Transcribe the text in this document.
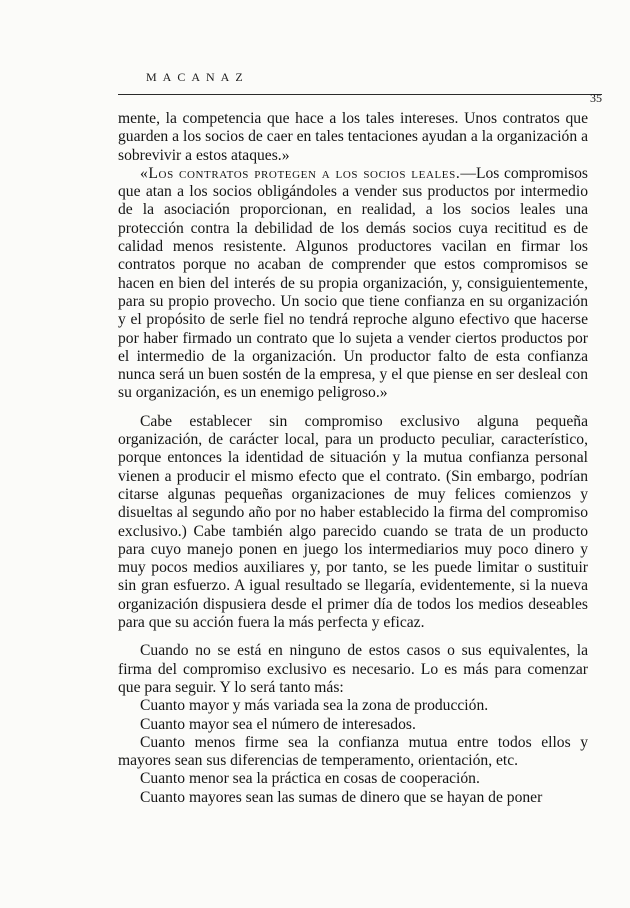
MACANAZ
35

mente, la competencia que hace a los tales intereses. Unos contratos que guarden a los socios de caer en tales tentaciones ayudan a la organización a sobrevivir a estos ataques.»

«Los contratos protegen a los socios leales.—Los compromisos que atan a los socios obligándoles a vender sus productos por intermedio de la asociación proporcionan, en realidad, a los socios leales una protección contra la debilidad de los demás socios cuya recititud es de calidad menos resistente. Algunos productores vacilan en firmar los contratos porque no acaban de comprender que estos compromisos se hacen en bien del interés de su propia organización, y, consiguientemente, para su propio provecho. Un socio que tiene confianza en su organización y el propósito de serle fiel no tendrá reproche alguno efectivo que hacerse por haber firmado un contrato que lo sujeta a vender ciertos productos por el intermedio de la organización. Un productor falto de esta confianza nunca será un buen sostén de la empresa, y el que piense en ser desleal con su organización, es un enemigo peligroso.»

Cabe establecer sin compromiso exclusivo alguna pequeña organización, de carácter local, para un producto peculiar, característico, porque entonces la identidad de situación y la mutua confianza personal vienen a producir el mismo efecto que el contrato. (Sin embargo, podrían citarse algunas pequeñas organizaciones de muy felices comienzos y disueltas al segundo año por no haber establecido la firma del compromiso exclusivo.) Cabe también algo parecido cuando se trata de un producto para cuyo manejo ponen en juego los intermediarios muy poco dinero y muy pocos medios auxiliares y, por tanto, se les puede limitar o sustituir sin gran esfuerzo. A igual resultado se llegaría, evidentemente, si la nueva organización dispusiera desde el primer día de todos los medios deseables para que su acción fuera la más perfecta y eficaz.

Cuando no se está en ninguno de estos casos o sus equivalentes, la firma del compromiso exclusivo es necesario. Lo es más para comenzar que para seguir. Y lo será tanto más:

Cuanto mayor y más variada sea la zona de producción.

Cuanto mayor sea el número de interesados.

Cuanto menos firme sea la confianza mutua entre todos ellos y mayores sean sus diferencias de temperamento, orientación, etc.

Cuanto menor sea la práctica en cosas de cooperación.

Cuanto mayores sean las sumas de dinero que se hayan de poner
